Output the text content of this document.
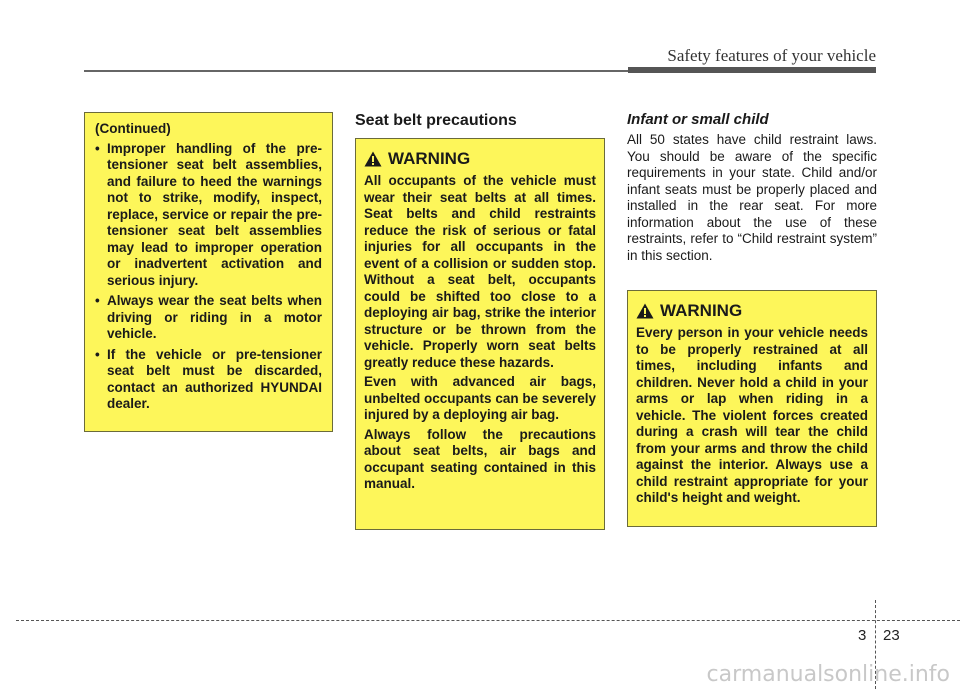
Safety features of your vehicle
(Continued)
• Improper handling of the pre-tensioner seat belt assemblies, and failure to heed the warnings not to strike, modify, inspect, replace, service or repair the pre-tensioner seat belt assemblies may lead to improper operation or inadvertent activation and serious injury.
• Always wear the seat belts when driving or riding in a motor vehicle.
• If the vehicle or pre-tensioner seat belt must be discarded, contact an authorized HYUNDAI dealer.
Seat belt precautions
WARNING

All occupants of the vehicle must wear their seat belts at all times. Seat belts and child restraints reduce the risk of serious or fatal injuries for all occupants in the event of a collision or sudden stop. Without a seat belt, occupants could be shifted too close to a deploying air bag, strike the interior structure or be thrown from the vehicle. Properly worn seat belts greatly reduce these hazards.

Even with advanced air bags, unbelted occupants can be severely injured by a deploying air bag.

Always follow the precautions about seat belts, air bags and occupant seating contained in this manual.

Infant or small child

All 50 states have child restraint laws. You should be aware of the specific requirements in your state. Child and/or infant seats must be properly placed and installed in the rear seat. For more information about the use of these restraints, refer to “Child restraint system” in this section.

WARNING

Every person in your vehicle needs to be properly restrained at all times, including infants and children. Never hold a child in your arms or lap when riding in a vehicle. The violent forces created during a crash will tear the child from your arms and throw the child against the interior. Always use a child restraint appropriate for your child's height and weight.

3 23
carmanualsonline.info
